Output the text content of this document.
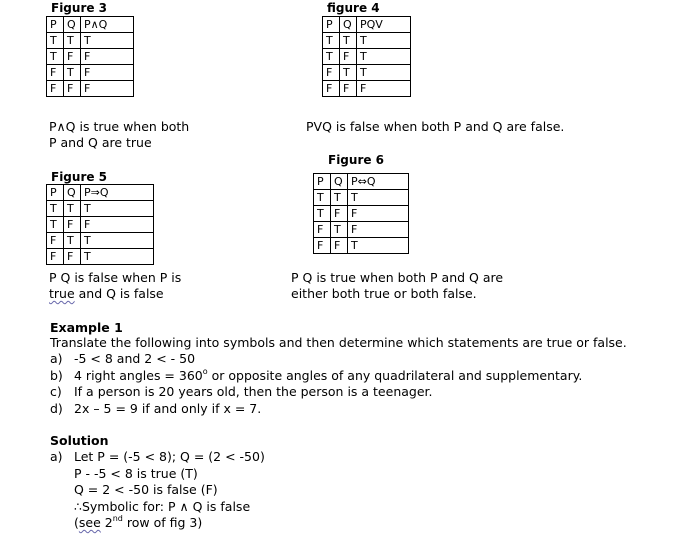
Figure 3
P	Q	P∧Q
T	T	T
T	F	F
F	T	F
F	F	F
P∧Q is true when both
P and Q are true
figure 4
P	Q	PQV
T	T	T
T	F	T
F	T	T
F	F	F
PVQ is false when both P and Q are false.
Figure 6
P	Q	P⇔Q
T	T	T
T	F	F
F	T	F
F	F	T
P Q is true when both P and Q are
either both true or both false.
Figure 5
P	Q	P⇒Q
T	T	T
T	F	F
F	T	T
F	F	T
P Q is false when P is
true and Q is false
Example 1
Translate the following into symbols and then determine which statements are true or false.
a) -5 < 8 and 2 < - 50
b) 4 right angles = $360^o$ or opposite angles of any quadrilateral and supplementary.
c) If a person is 20 years old, then the person is a teenager.
d) 2x – 5 = 9 if and only if x = 7.
Solution
a) Let P = (-5 < 8); Q = (2 < -50)
P - -5 < 8 is true (T)
Q = 2 < -50 is false (F)
∴Symbolic for: P ∧ Q is false
(see 2nd row of fig 3)
